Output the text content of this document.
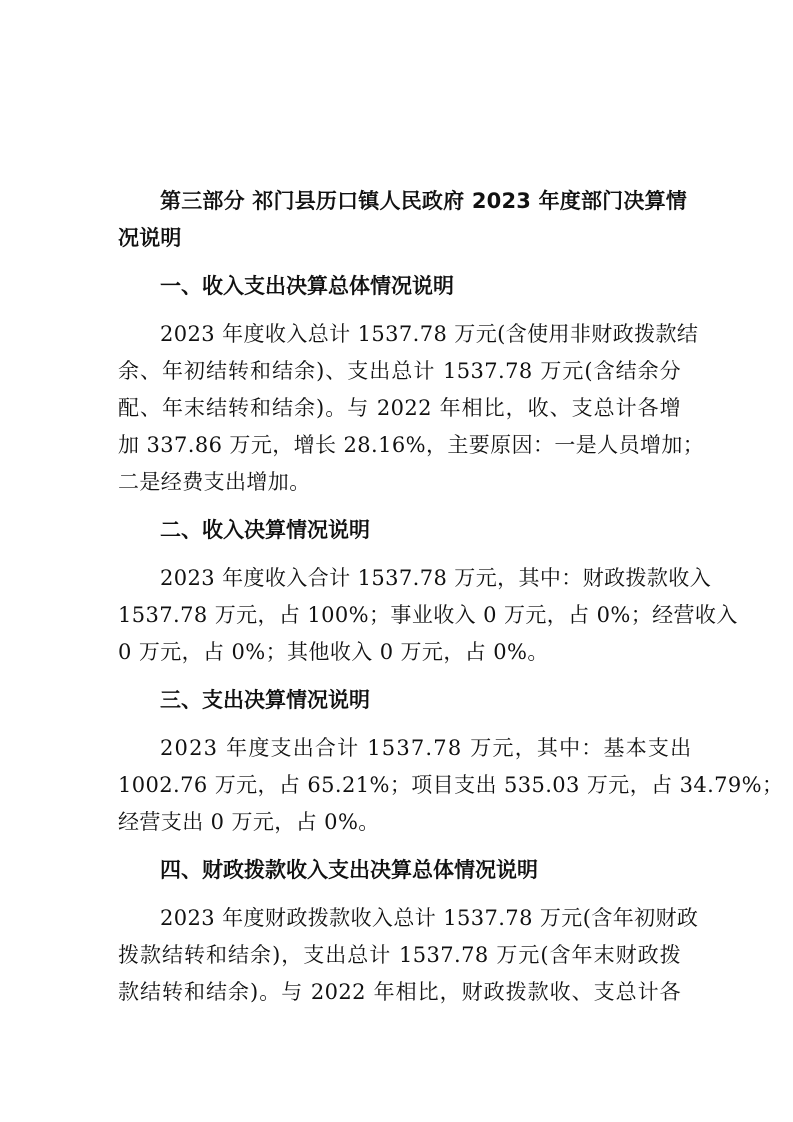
第三部分 祁门县历口镇人民政府 2023 年度部门决算情
况说明
一、收入支出决算总体情况说明
2023 年度收入总计 1537.78 万元(含使用非财政拨款结
余、年初结转和结余)、支出总计 1537.78 万元(含结余分
配、年末结转和结余)。与 2022 年相比，收、支总计各增
加 337.86 万元，增长 28.16%，主要原因：一是人员增加；
二是经费支出增加。
二、收入决算情况说明
2023 年度收入合计 1537.78 万元，其中：财政拨款收入
1537.78 万元，占 100%；事业收入 0 万元，占 0%；经营收入
0 万元，占 0%；其他收入 0 万元，占 0%。
三、支出决算情况说明
2023 年度支出合计 1537.78 万元，其中：基本支出
1002.76 万元，占 65.21%；项目支出 535.03 万元，占 34.79%；
经营支出 0 万元，占 0%。
四、财政拨款收入支出决算总体情况说明
2023 年度财政拨款收入总计 1537.78 万元(含年初财政
拨款结转和结余)，支出总计 1537.78 万元(含年末财政拨
款结转和结余)。与 2022 年相比，财政拨款收、支总计各
